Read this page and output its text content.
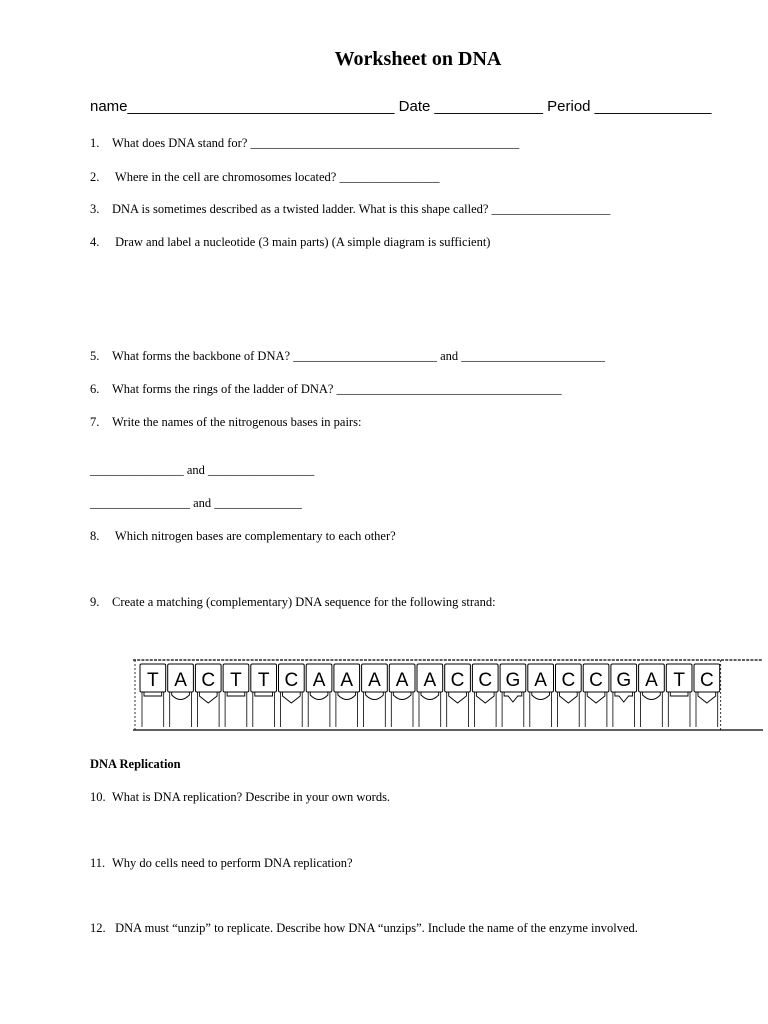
Worksheet on DNA
name________________________________ Date _____________ Period ______________
1. What does DNA stand for? ___________________________________________
2. Where in the cell are chromosomes located? ________________
3. DNA is sometimes described as a twisted ladder. What is this shape called? ___________________
4. Draw and label a nucleotide (3 main parts) (A simple diagram is sufficient)
5. What forms the backbone of DNA? _______________________ and _______________________
6. What forms the rings of the ladder of DNA? ____________________________________
7. Write the names of the nitrogenous bases in pairs:
_______________ and _________________
________________ and ______________
8. Which nitrogen bases are complementary to each other?
9. Create a matching (complementary) DNA sequence for the following strand:
T A C T T C A A A A A C C G A C C G A T C
DNA Replication
10. What is DNA replication? Describe in your own words.
11. Why do cells need to perform DNA replication?
12. DNA must “unzip” to replicate. Describe how DNA “unzips”. Include the name of the enzyme involved.
